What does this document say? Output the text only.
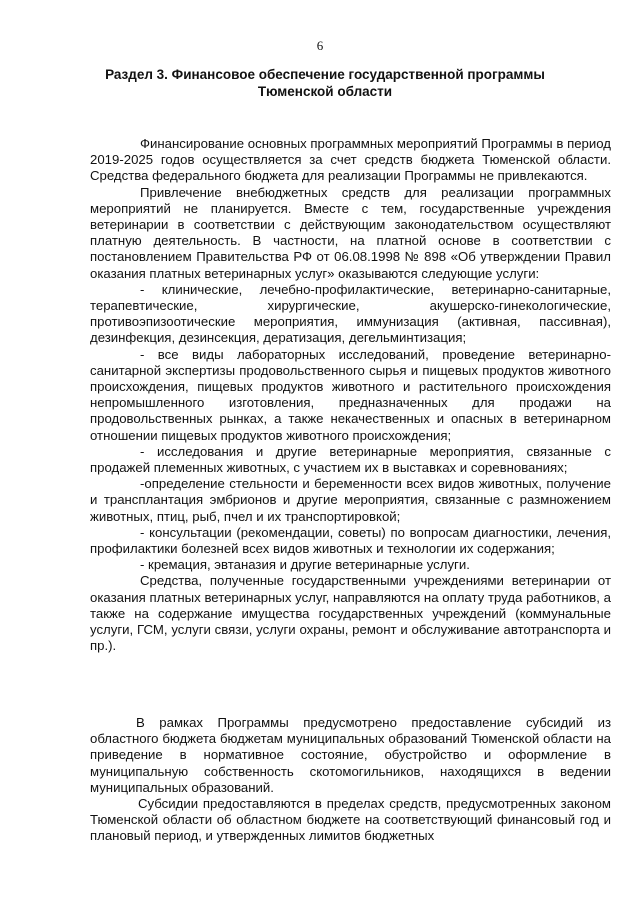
6
Раздел 3. Финансовое обеспечение государственной программы
Тюменской области

Финансирование основных программных мероприятий Программы в период 2019-2025 годов осуществляется за счет средств бюджета Тюменской области. Средства федерального бюджета для реализации Программы не привлекаются.

Привлечение внебюджетных средств для реализации программных мероприятий не планируется. Вместе с тем, государственные учреждения ветеринарии в соответствии с действующим законодательством осуществляют платную деятельность. В частности, на платной основе в соответствии с постановлением Правительства РФ от 06.08.1998 № 898 «Об утверждении Правил оказания платных ветеринарных услуг» оказываются следующие услуги:

- клинические, лечебно-профилактические, ветеринарно-санитарные, терапевтические, хирургические, акушерско-гинекологические, противоэпизоотические мероприятия, иммунизация (активная, пассивная), дезинфекция, дезинсекция, дератизация, дегельминтизация;

- все виды лабораторных исследований, проведение ветеринарно-санитарной экспертизы продовольственного сырья и пищевых продуктов животного происхождения, пищевых продуктов животного и растительного происхождения непромышленного изготовления, предназначенных для продажи на продовольственных рынках, а также некачественных и опасных в ветеринарном отношении пищевых продуктов животного происхождения;

- исследования и другие ветеринарные мероприятия, связанные с продажей племенных животных, с участием их в выставках и соревнованиях;

-определение стельности и беременности всех видов животных, получение и трансплантация эмбрионов и другие мероприятия, связанные с размножением животных, птиц, рыб, пчел и их транспортировкой;

- консультации (рекомендации, советы) по вопросам диагностики, лечения, профилактики болезней всех видов животных и технологии их содержания;

- кремация, эвтаназия и другие ветеринарные услуги.

Средства, полученные государственными учреждениями ветеринарии от оказания платных ветеринарных услуг, направляются на оплату труда работников, а также на содержание имущества государственных учреждений (коммунальные услуги, ГСМ, услуги связи, услуги охраны, ремонт и обслуживание автотранспорта и пр.).

В рамках Программы предусмотрено предоставление субсидий из областного бюджета бюджетам муниципальных образований Тюменской области на приведение в нормативное состояние, обустройство и оформление в муниципальную собственность скотомогильников, находящихся в ведении муниципальных образований.

Субсидии предоставляются в пределах средств, предусмотренных законом Тюменской области об областном бюджете на соответствующий финансовый год и плановый период, и утвержденных лимитов бюджетных
